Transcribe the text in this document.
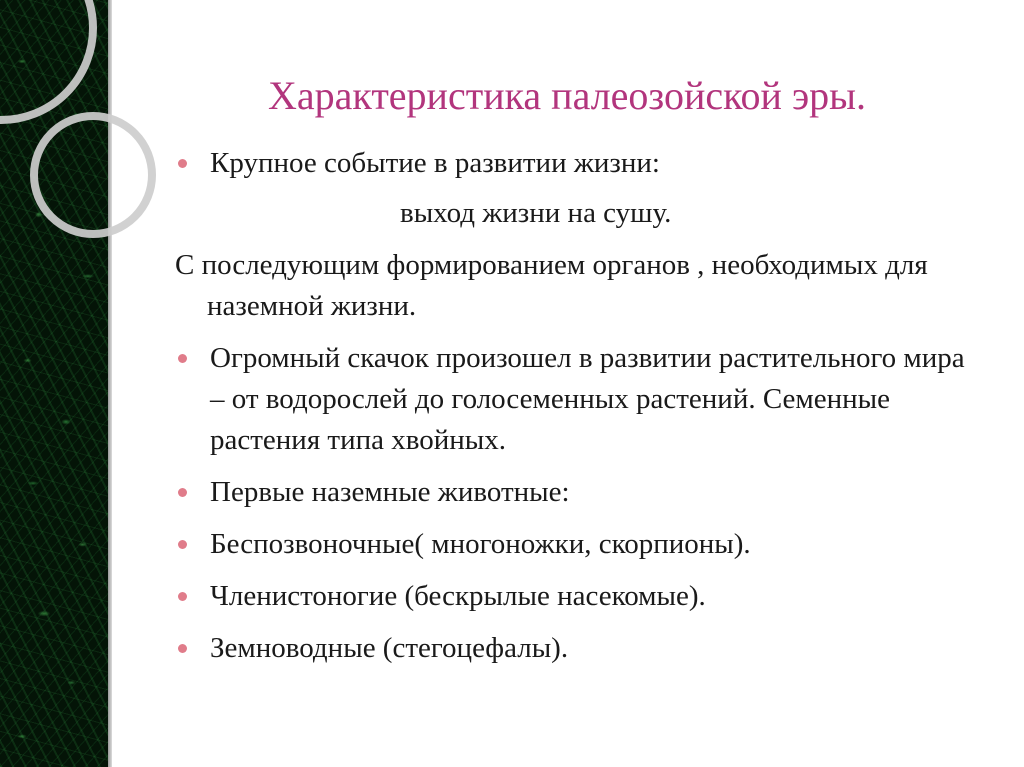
Характеристика палеозойской эры.
Крупное событие в развитии жизни:
выход жизни на сушу.
С последующим формированием органов , необходимых для наземной жизни.
Огромный скачок произошел в развитии растительного мира – от водорослей до голосеменных растений. Семенные растения типа хвойных.
Первые наземные животные:
Беспозвоночные( многоножки, скорпионы).
Членистоногие (бескрылые насекомые).
Земноводные (стегоцефалы).
